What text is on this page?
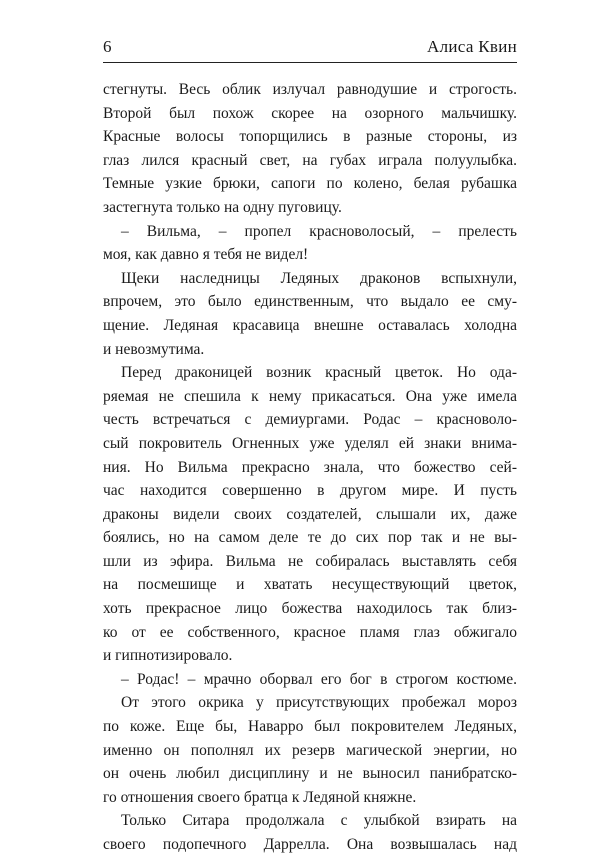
6	Алиса Квин
стегнуты. Весь облик излучал равнодушие и строгость.
Второй был похож скорее на озорного мальчишку.
Красные волосы топорщились в разные стороны, из
глаз лился красный свет, на губах играла полуулыбка.
Темные узкие брюки, сапоги по колено, белая рубашка
застегнута только на одну пуговицу.
– Вильма, – пропел красноволосый, – прелесть
моя, как давно я тебя не видел!
Щеки наследницы Ледяных драконов вспыхнули,
впрочем, это было единственным, что выдало ее сму-
щение. Ледяная красавица внешне оставалась холодна
и невозмутима.
Перед драконицей возник красный цветок. Но ода-
ряемая не спешила к нему прикасаться. Она уже имела
честь встречаться с демиургами. Родас – красноволо-
сый покровитель Огненных уже уделял ей знаки внима-
ния. Но Вильма прекрасно знала, что божество сей-
час находится совершенно в другом мире. И пусть
драконы видели своих создателей, слышали их, даже
боялись, но на самом деле те до сих пор так и не вы-
шли из эфира. Вильма не собиралась выставлять себя
на посмешище и хватать несуществующий цветок,
хоть прекрасное лицо божества находилось так близ-
ко от ее собственного, красное пламя глаз обжигало
и гипнотизировало.
– Родас! – мрачно оборвал его бог в строгом костюме.
От этого окрика у присутствующих пробежал мороз
по коже. Еще бы, Наварро был покровителем Ледяных,
именно он пополнял их резерв магической энергии, но
он очень любил дисциплину и не выносил панибратско-
го отношения своего братца к Ледяной княжне.
Только Ситара продолжала с улыбкой взирать на
своего подопечного Даррелла. Она возвышалась над
